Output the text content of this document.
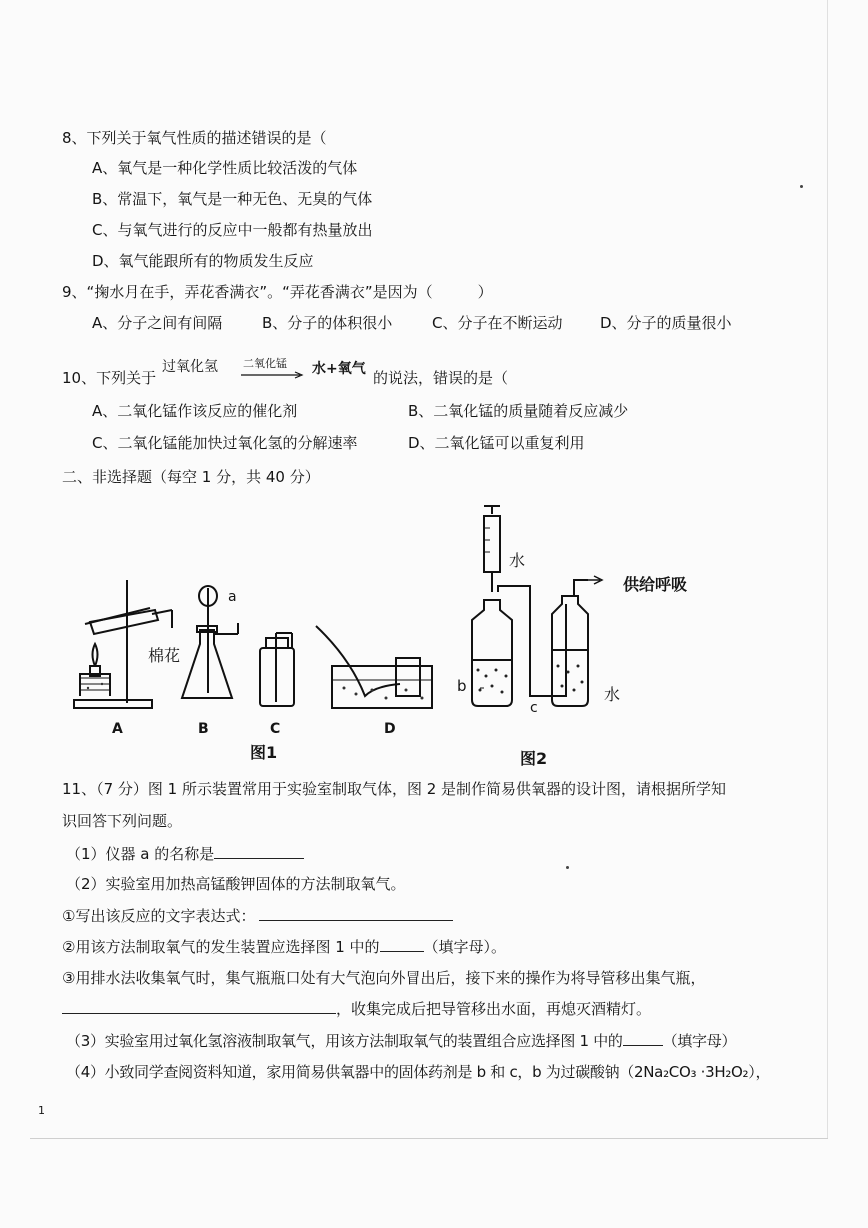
8、下列关于氧气性质的描述错误的是（
A、氧气是一种化学性质比较活泼的气体
B、常温下，氧气是一种无色、无臭的气体
C、与氧气进行的反应中一般都有热量放出
D、氧气能跟所有的物质发生反应
9、“掬水月在手，弄花香满衣”。“弄花香满衣”是因为（　　　）
A、分子之间有间隔	B、分子的体积很小	C、分子在不断运动	D、分子的质量很小
10、下列关于
过氧化氢 二氧化锰 水+氧气 的说法，错误的是（
A、二氧化锰作该反应的催化剂	B、二氧化锰的质量随着反应减少
C、二氧化锰能加快过氧化氢的分解速率	D、二氧化锰可以重复利用
二、非选择题（每空 1 分，共 40 分）
a
棉花
A	B	C	D
图1
水
供给呼吸
b
c
水
图2
11、（7 分）图 1 所示装置常用于实验室制取气体，图 2 是制作简易供氧器的设计图，请根据所学知
识回答下列问题。
（1）仪器 a 的名称是
（2）实验室用加热高锰酸钾固体的方法制取氧气。
①写出该反应的文字表达式：
②用该方法制取氧气的发生装置应选择图 1 中的	（填字母）。
③用排水法收集氧气时，集气瓶瓶口处有大气泡向外冒出后，接下来的操作为将导管移出集气瓶，
，收集完成后把导管移出水面，再熄灭酒精灯。
（3）实验室用过氧化氢溶液制取氧气，用该方法制取氧气的装置组合应选择图 1 中的	（填字母）
（4）小致同学查阅资料知道，家用简易供氧器中的固体药剂是 b 和 c，b 为过碳酸钠（2Na₂CO₃ ·3H₂O₂），
1
